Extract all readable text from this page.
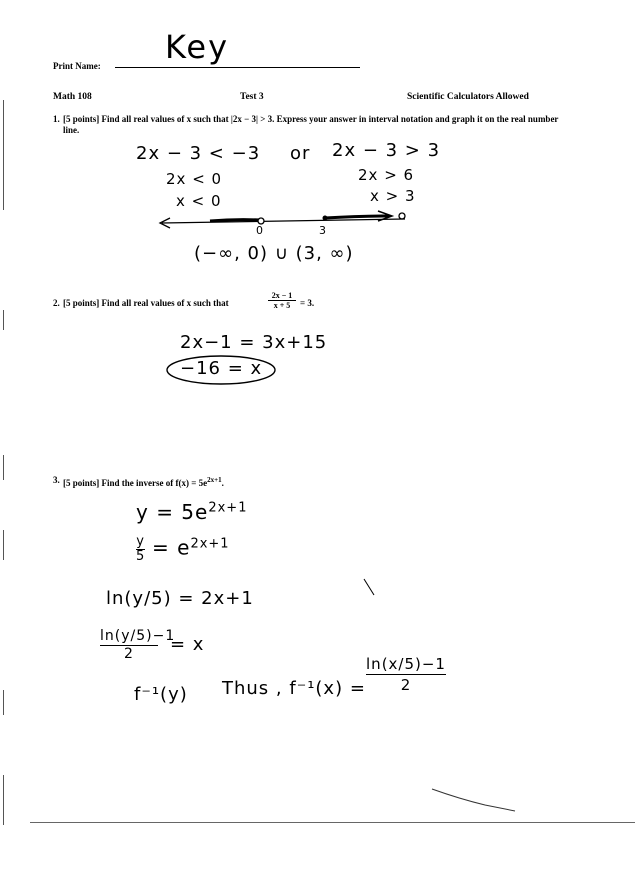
Print Name: Key
Math 108	Test 3	Scientific Calculators Allowed
1. [5 points] Find all real values of x such that |2x − 3| > 3. Express your answer in interval notation and graph it on the real number line.
2x − 3 < −3 or 2x − 3 > 3
2x < 0	2x > 6
x < 0	x > 3
0	3
(−∞, 0) ∪ (3, ∞)
2. [5 points] Find all real values of x such that	$\frac{2x - 1}{x + 5} = 3$.
2x−1 = 3x+15
−16 = x
3. [5 points] Find the inverse of $f(x) = 5e^{2x+1}$.
$y = 5e^{2x+1}$
$\frac{y}{5} = e^{2x+1}$
ln(y/5) = 2x+1
$\frac{\ln(y/5)-1}{2} = x$
f⁻¹(y) Thus , $f^{-1}(x) = \frac{\ln(x/5)-1}{2}$
